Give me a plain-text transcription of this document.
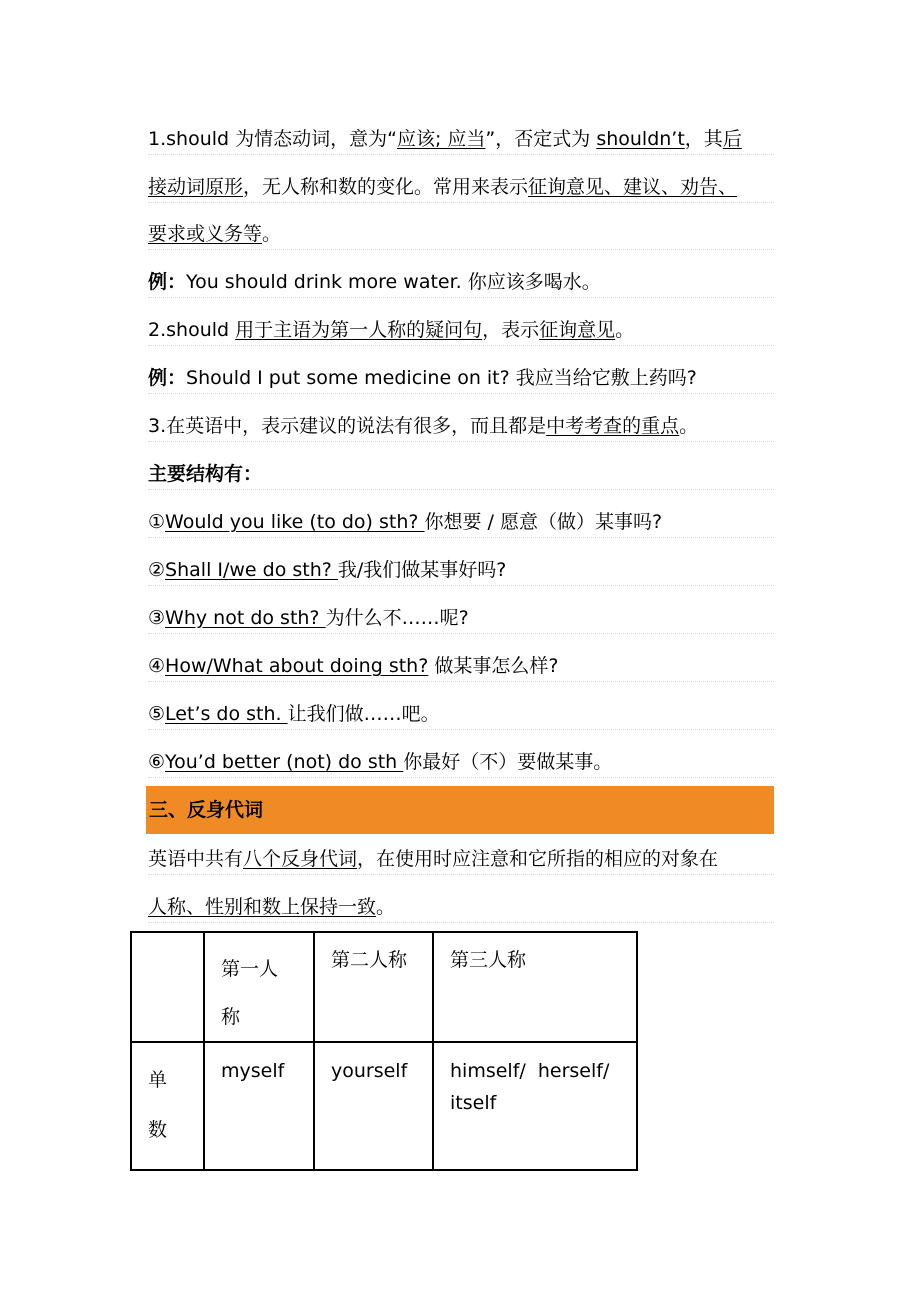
1.should 为情态动词，意为“应该; 应当”，否定式为 shouldn’t，其后
接动词原形，无人称和数的变化。常用来表示征询意见、建议、劝告、
要求或义务等。
例：You should drink more water. 你应该多喝水。
2.should 用于主语为第一人称的疑问句，表示征询意见。
例：Should I put some medicine on it? 我应当给它敷上药吗?
3.在英语中，表示建议的说法有很多，而且都是中考考查的重点。
主要结构有：
①Would you like (to do) sth? 你想要 / 愿意（做）某事吗?
②Shall I/we do sth? 我/我们做某事好吗?
③Why not do sth? 为什么不……呢?
④How/What about doing sth? 做某事怎么样?
⑤Let’s do sth. 让我们做……吧。
⑥You’d better (not) do sth 你最好（不）要做某事。
三、反身代词
英语中共有八个反身代词，在使用时应注意和它所指的相应的对象在
人称、性别和数上保持一致。

	第一人
称	第二人称	第三人称

单
数	myself	yourself	himself/  herself/
itself
